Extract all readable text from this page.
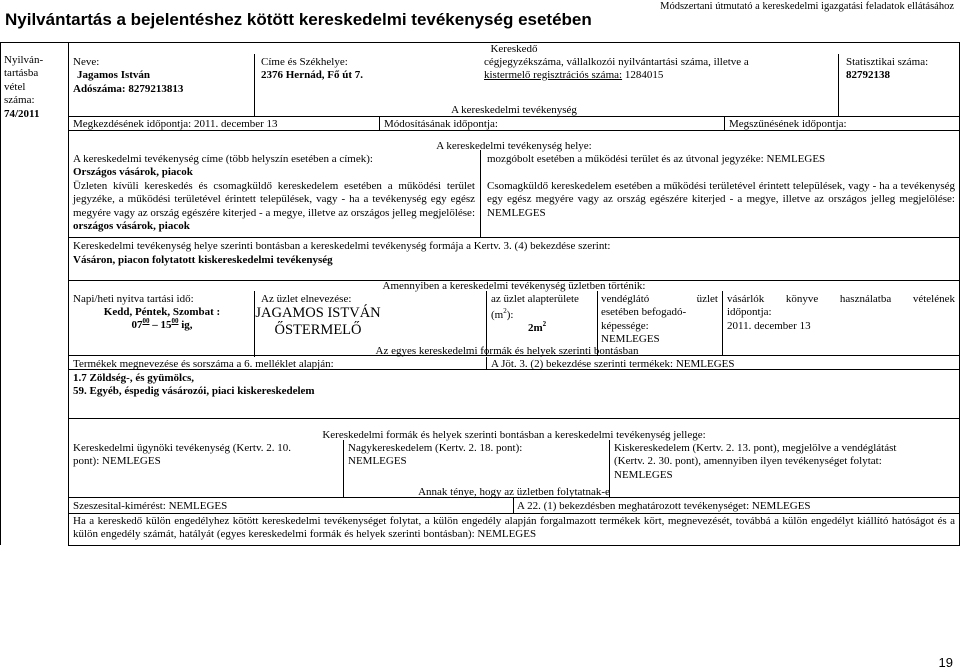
Nyilvántartás a bejelentéshez kötött kereskedelmi tevékenység esetében
Módszertani útmutató a kereskedelmi igazgatási feladatok ellátásához
Nyilván-
tartásba
vétel
száma:
74/2011
Kereskedő
Neve:
Jagamos István
Adószáma: 8279213813
Címe és Székhelye:
2376 Hernád, Fő út 7.
cégjegyzékszáma, vállalkozói nyilvántartási száma, illetve a
kistermelő regisztrációs száma: 1284015
Statisztikai száma:
82792138
A kereskedelmi tevékenység
Megkezdésének időpontja: 2011. december 13	Módosításának időpontja:	Megszűnésének időpontja:
A kereskedelmi tevékenység helye:
A kereskedelmi tevékenység címe (több helyszín esetében a címek):
Országos vásárok, piacok
Üzleten kívüli kereskedés és csomagküldő kereskedelem esetében a működési terület jegyzéke, a működési területével érintett települések, vagy - ha a tevékenység egy egész megyére vagy az ország egészére kiterjed - a megye, illetve az országos jelleg megjelölése: országos vásárok, piacok
mozgóbolt esetében a működési terület és az útvonal jegyzéke: NEMLEGES
Csomagküldő kereskedelem esetében a működési területével érintett települések, vagy - ha a tevékenység egy egész megyére vagy az ország egészére kiterjed - a megye, illetve az országos jelleg megjelölése: NEMLEGES
Kereskedelmi tevékenység helye szerinti bontásban a kereskedelmi tevékenység formája a Kertv. 3. (4) bekezdése szerint:
Vásáron, piacon folytatott kiskereskedelmi tevékenység
Amennyiben a kereskedelmi tevékenység üzletben történik:
Napi/heti nyitva tartási idő:
Kedd, Péntek, Szombat :
$07^{00} - 15^{00}$ ig,
Az üzlet elnevezése:
JAGAMOS ISTVÁN
ŐSTERMELŐ
az üzlet alapterülete
$(m^2)$:
$2m^2$
vendéglátó	üzlet
esetében befogadó-
képessége:
NEMLEGES
vásárlók könyve használatba vételének
időpontja:
2011. december 13
Az egyes kereskedelmi formák és helyek szerinti bontásban
Termékek megnevezése és sorszáma a 6. melléklet alapján:
1.7 Zöldség-, és gyümölcs,
59. Egyéb, éspedig vásározói, piaci kiskereskedelem
A Jöt. 3. (2) bekezdése szerinti termékek: NEMLEGES
Kereskedelmi formák és helyek szerinti bontásban a kereskedelmi tevékenység jellege:
Kereskedelmi ügynöki tevékenység (Kertv. 2. 10.
pont): NEMLEGES
Nagykereskedelem (Kertv. 2. 18. pont):
NEMLEGES
Kiskereskedelem (Kertv. 2. 13. pont), megjelölve a vendéglátást
(Kertv. 2. 30. pont), amennyiben ilyen tevékenységet folytat:
NEMLEGES
Annak ténye, hogy az üzletben folytatnak-e
Szeszesital-kimérést: NEMLEGES	A 22. (1) bekezdésben meghatározott tevékenységet: NEMLEGES
Ha a kereskedő külön engedélyhez kötött kereskedelmi tevékenységet folytat, a külön engedély alapján forgalmazott termékek kört, megnevezését, továbbá a külön engedélyt kiállító hatóságot és a külön engedély számát, hatályát (egyes kereskedelmi formák és helyek szerinti bontásban): NEMLEGES
19
